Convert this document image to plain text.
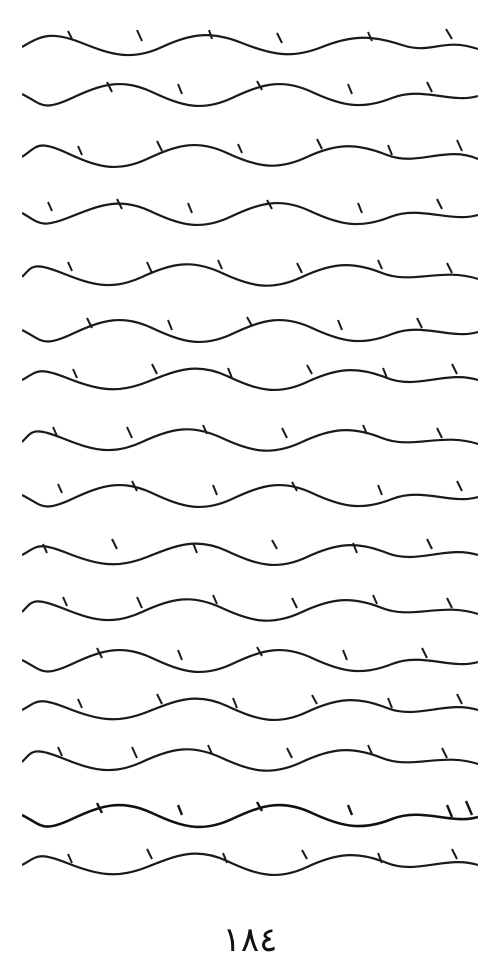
١٨٤
